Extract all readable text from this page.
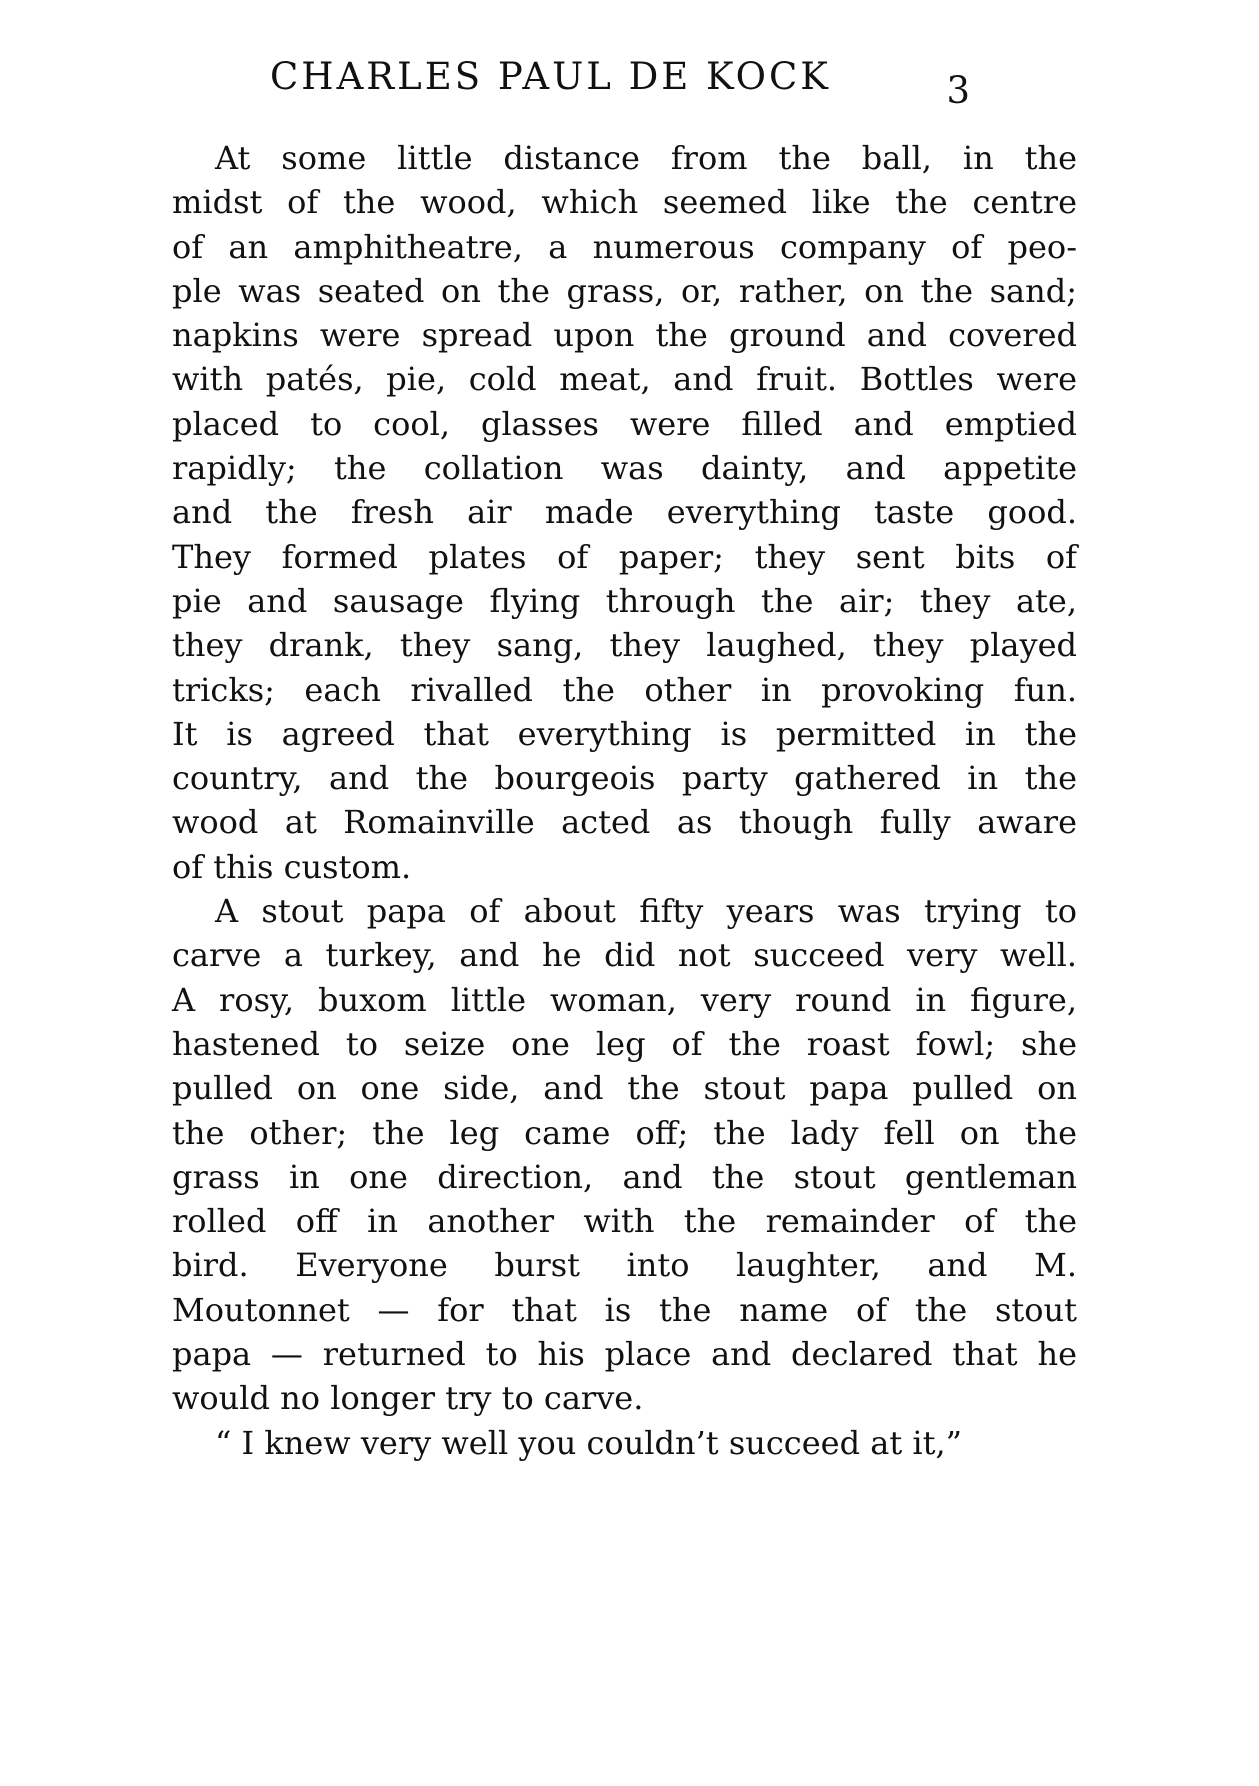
CHARLES PAUL DE KOCK	3
At some little distance from the ball, in the
midst of the wood, which seemed like the centre
of an amphitheatre, a numerous company of peo-
ple was seated on the grass, or, rather, on the sand;
napkins were spread upon the ground and covered
with patés, pie, cold meat, and fruit. Bottles were
placed to cool, glasses were filled and emptied
rapidly; the collation was dainty, and appetite
and the fresh air made everything taste good.
They formed plates of paper; they sent bits of
pie and sausage flying through the air; they ate,
they drank, they sang, they laughed, they played
tricks; each rivalled the other in provoking fun.
It is agreed that everything is permitted in the
country, and the bourgeois party gathered in the
wood at Romainville acted as though fully aware
of this custom.
A stout papa of about fifty years was trying to
carve a turkey, and he did not succeed very well.
A rosy, buxom little woman, very round in figure,
hastened to seize one leg of the roast fowl; she
pulled on one side, and the stout papa pulled on
the other; the leg came off; the lady fell on the
grass in one direction, and the stout gentleman
rolled off in another with the remainder of the
bird. Everyone burst into laughter, and M.
Moutonnet — for that is the name of the stout
papa — returned to his place and declared that he
would no longer try to carve.
“ I knew very well you couldn’t succeed at it,”
